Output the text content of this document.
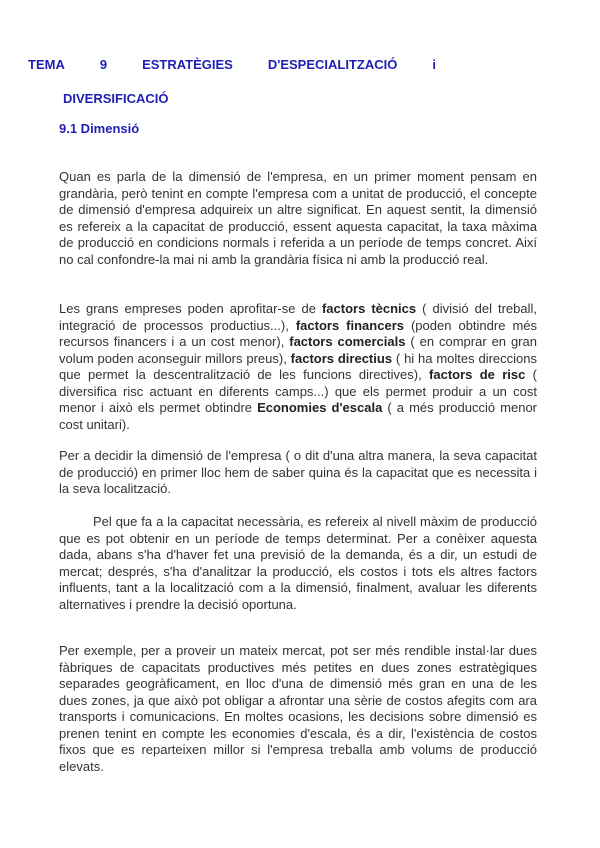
TEMA	9	ESTRATÈGIES	D'ESPECIALITZACIÓ	i
DIVERSIFICACIÓ
9.1 Dimensió

Quan es parla de la dimensió de l'empresa, en un primer moment pensam en grandària, però tenint en compte l'empresa com a unitat de producció, el concepte de dimensió d'empresa adquireix un altre significat. En aquest sentit, la dimensió es refereix a la capacitat de producció, essent aquesta capacitat, la taxa màxima de producció en condicions normals i referida a un període de temps concret. Així no cal confondre-la mai ni amb la grandària física ni amb la producció real.

Les grans empreses poden aprofitar-se de factors tècnics ( divisió del treball, integració de processos productius...), factors financers (poden obtindre més recursos financers i a un cost menor), factors comercials ( en comprar en gran volum poden aconseguir millors preus), factors directius ( hi ha moltes direccions que permet la descentralització de les funcions directives), factors de risc ( diversifica risc actuant en diferents camps...) que els permet produir a un cost menor i això els permet obtindre Economies d'escala ( a més producció menor cost unitari).

Per a decidir la dimensió de l'empresa ( o dit d'una altra manera, la seva capacitat de producció) en primer lloc hem de saber quina és la capacitat que es necessita i la seva localització.

Pel que fa a la capacitat necessària, es refereix al nivell màxim de producció que es pot obtenir en un període de temps determinat. Per a conèixer aquesta dada, abans s'ha d'haver fet una previsió de la demanda, és a dir, un estudi de mercat; després, s'ha d'analitzar la producció, els costos i tots els altres factors influents, tant a la localització com a la dimensió, finalment, avaluar les diferents alternatives i prendre la decisió oportuna.

Per exemple, per a proveir un mateix mercat, pot ser més rendible instal·lar dues fàbriques de capacitats productives més petites en dues zones estratègiques separades geogràficament, en lloc d'una de dimensió més gran en una de les dues zones, ja que això pot obligar a afrontar una sèrie de costos afegits com ara transports i comunicacions. En moltes ocasions, les decisions sobre dimensió es prenen tenint en compte les economies d'escala, és a dir, l'existència de costos fixos que es reparteixen millor si l'empresa treballa amb volums de producció elevats.
